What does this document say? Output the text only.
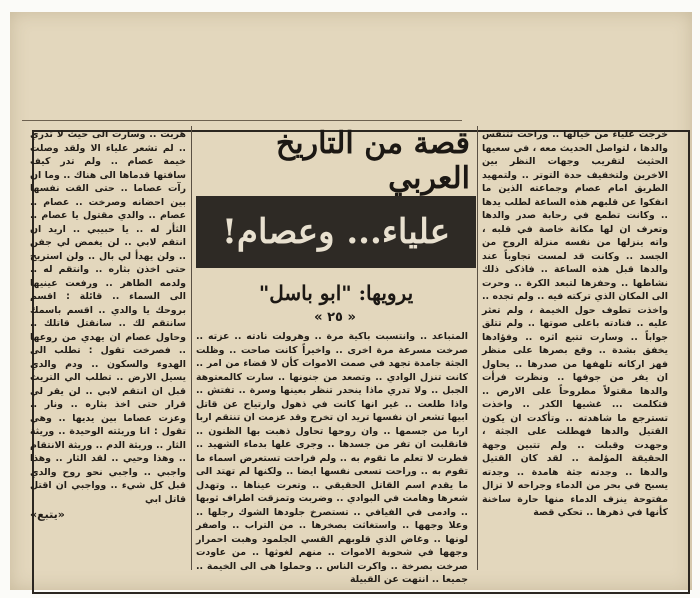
قصة من التاريخ العربي
علياء... وعصام!
يرويها: "ابو باسل"
« ٢٥ »

خرجت علياء من خيالها .. وراحت تتنفس والدها ، لتواصل الحديث معه ، في سعيها الحثيث لتقريب وجهات النظر بين الاخرين ولتخفيف حدة التوتر .. ولتمهيد الطريق امام عصام وجماعته الذين ما انفكوا عن قلبهم هذه الساعة لطلب يدها .. وكانت تطمع في رحابة صدر والدها وتعرف ان لها مكانة خاصة في قلبه ، واته ينزلها من نفسه منزلة الروح من الجسد .. وكانت قد لمست تجاوباً عند والدها قبل هذه الساعة .. فاذكى ذلك نشاطها .. وحفزها لتبعد الكرة .. وحرت الى المكان الذي تركته فيه .. ولم تجده .. واخذت تطوف حول الخيمة ، ولم تعثر عليه .. فنادته باعلى صوتها .. ولم تتلق جواباً .. وسارت تتبع اثره .. وفؤادها يخفق بشدة .. وقع بصرها على منظر فهز اركانه تلهفها من صدرها .. يحاول ان يفر من جوفها .. ونظرت فرأت والدها مقتولاً مطروحاً على الارض .. فتكلمت ... غشيها الكدر .. واخذت تسترجع ما شاهدته .. وتأكدت ان يكون القتيل والدها فهطلت على الجثة ، وجهدت وقبلت .. ولم تتبين وجهة الحقيقة المؤلمة .. لقد كان القتيل والدها .. وجدته جثة هامدة .. وجدته يسبح في بحر من الدماء وجراحه لا تزال مفتوحة ينزف الدماء منها حارة ساخنة كأنها في ذهرها .. تحكي قصة

المتباعد .. وانتسبت باكية مرة .. وهرولت نادته .. عزته .. صرخت مسرعة مرة اخرى .. واخيراً كانت صاحت .. وظلت الجثة جامدة تجهد في صمت الاموات كأن لا قضاء من امر .. كانت تنزل الوادي .. وتصعد من جنونها .. سارت كالمعتوهة الجبل .. ولا تدري ماذا ينحدر تنظر بعينها وسرة .. تفتش .. واذا طلعت .. غير انها كانت في ذهول وارتياح عن قاتل ابيها تشعر ان نفسها تريد ان تخرج وقد عزمت ان تنتقم اربا اربا من جسمها .. وان روحها تحاول ذهبت بها الظنون .. فانقلبت ان تفر من جسدها .. وجرى علها بدماء الشهيد .. فطرت لا تعلم ما تقوم به .. ولم فراحت تستعرض اسماء ما تقوم به .. وراحت تسعى نفسها ايضا .. ولكنها لم تهتد الى ما يقدم اسم القاتل الحقيقي .. وتعرت عيناها .. وتهدل شعرها وهامت في البوادي .. وضربت وتمزقت اطراف ثوبها .. وادمى في الفيافي .. تستصرخ جلودها الشوك رجلها .. وعلا وجهها .. واستغاثت بصخرها .. من التراب .. واصفر لونها .. وغاض الذي قلوبهم القسي الجلمود وهبت احمرار وجهها في شحوبة الاموات .. منهم لغوثها .. من عاودت صرخت بصرخة .. واكرت الناس .. وحملوا هى الى الخيمة .. جميعا .. انتهت عن القبيلة

هربت .. وسارت الى حيث لا تدري .. لم تشعر علياء الا ولقد وصلت خيمة عصام .. ولم تدر كيف سافتها قدماها الى هناك .. وما ان رآت عصاما .. حتى القت نفسها بين احضانه وصرخت .. عصام .. عصام .. والدي مقتول يا عصام .. الثأر له .. يا حبيبي .. اريد ان انتقم لابي .. لن يغمض لي جفن .. ولن يهدأ لي بال .. ولن استريح حتى اخذن بثاره .. وانتقم له .. ولدمه الطاهر .. ورفعت عينيها الى السماء .. قائلة : اقسم بروحك يا والدي .. اقسم باسمك سانتقم لك .. سانقتل قاتلك .. وحاول عصام ان يهدي من روعها .. فصرخت تقول : تطلب الى الهدوء والسكون .. ودم والدي يسيل الارض .. تطلب الي التريث قبل ان انتقم لابي .. لن يقر لي قرار حتى اخذ بثاره .. ونار .. وعزت عصاما بين يديها .. وهي تقول : انا وريثته الوحيدة .. وريثة الثار .. وريثة الدم .. وريثة الانتقام .. وهذا وحيي .. لقد الثار .. وهذا واجبي .. واجبي نحو روح والدي قبل كل شيء .. وواجبي ان اقتل قاتل ابي

«يتبع»
